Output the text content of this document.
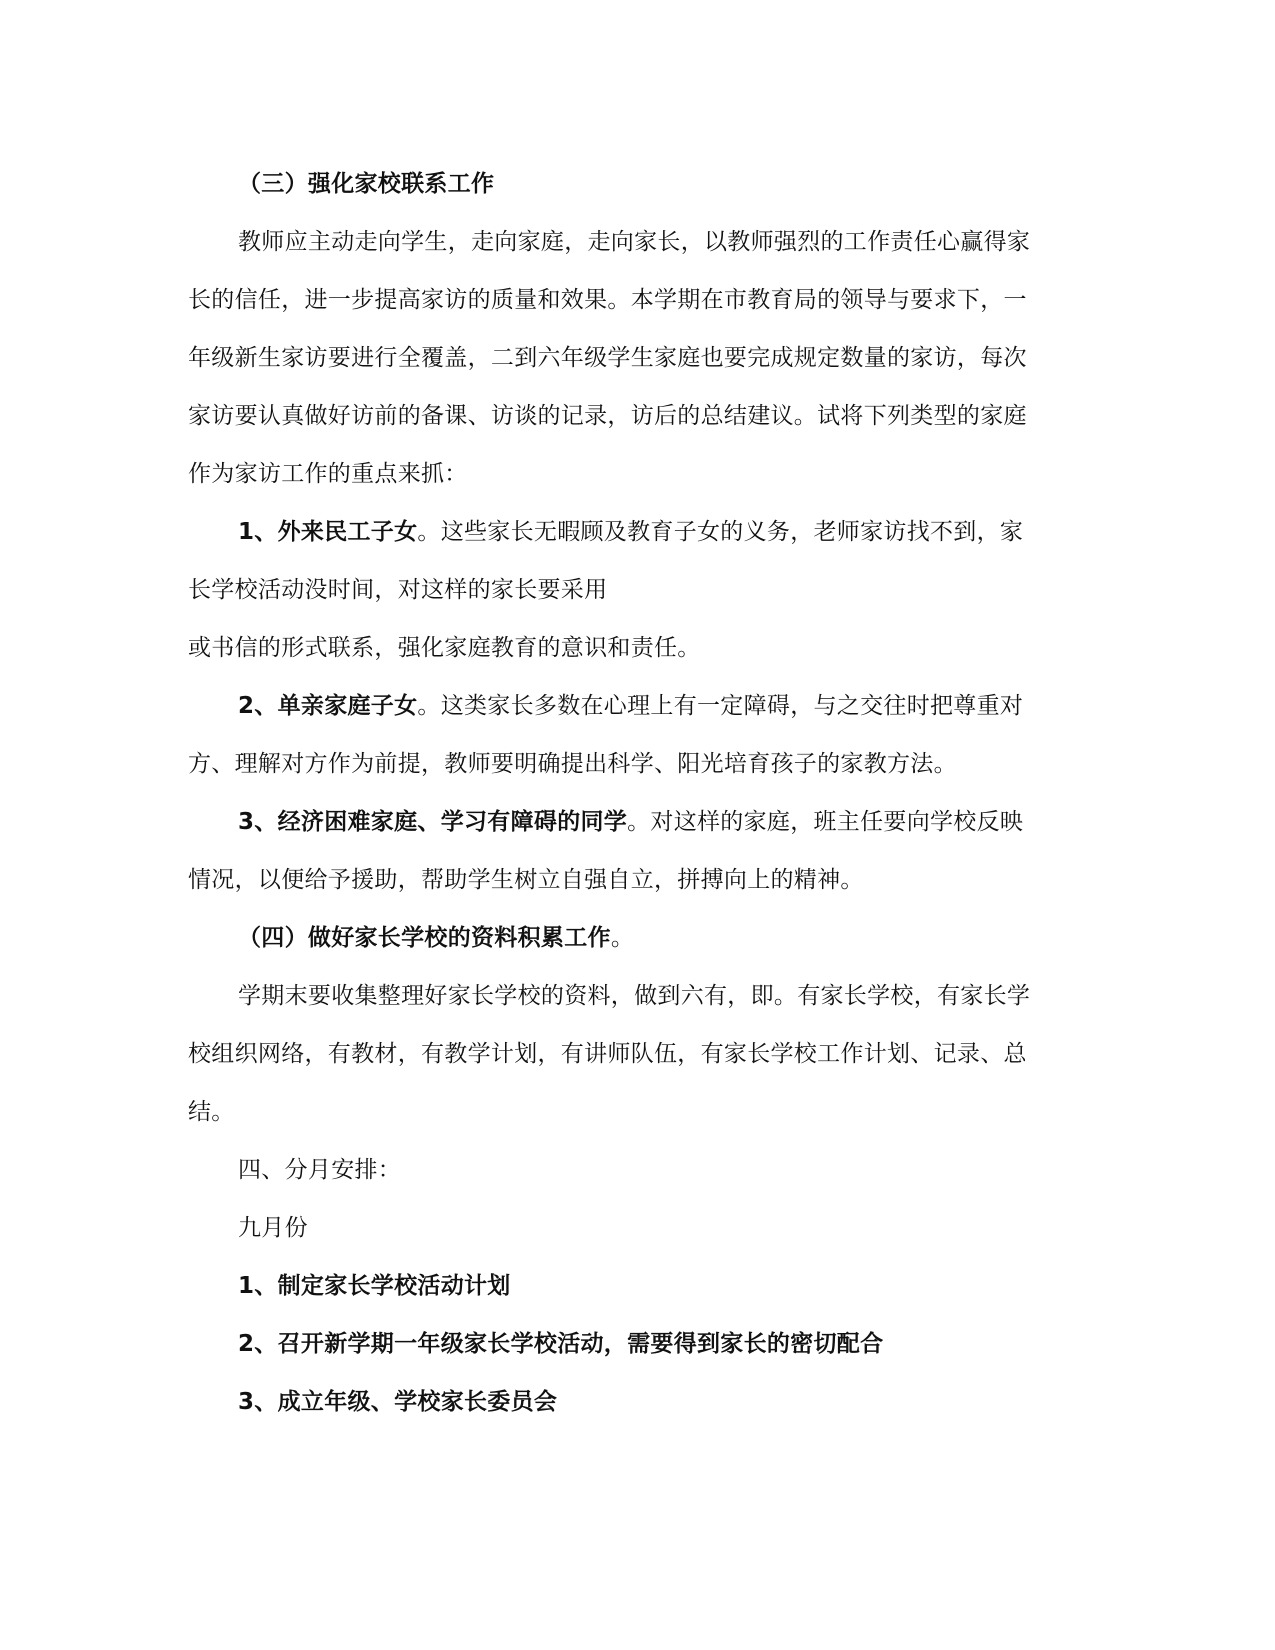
（三）强化家校联系工作
教师应主动走向学生，走向家庭，走向家长，以教师强烈的工作责任心赢得家
长的信任，进一步提高家访的质量和效果。本学期在市教育局的领导与要求下，一
年级新生家访要进行全覆盖，二到六年级学生家庭也要完成规定数量的家访，每次
家访要认真做好访前的备课、访谈的记录，访后的总结建议。试将下列类型的家庭
作为家访工作的重点来抓：
1、外来民工子女。这些家长无暇顾及教育子女的义务，老师家访找不到，家
长学校活动没时间，对这样的家长要采用
或书信的形式联系，强化家庭教育的意识和责任。
2、单亲家庭子女。这类家长多数在心理上有一定障碍，与之交往时把尊重对
方、理解对方作为前提，教师要明确提出科学、阳光培育孩子的家教方法。
3、经济困难家庭、学习有障碍的同学。对这样的家庭，班主任要向学校反映
情况，以便给予援助，帮助学生树立自强自立，拼搏向上的精神。
（四）做好家长学校的资料积累工作。
学期末要收集整理好家长学校的资料，做到六有，即。有家长学校，有家长学
校组织网络，有教材，有教学计划，有讲师队伍，有家长学校工作计划、记录、总
结。
四、分月安排：
九月份
1、制定家长学校活动计划
2、召开新学期一年级家长学校活动，需要得到家长的密切配合
3、成立年级、学校家长委员会
